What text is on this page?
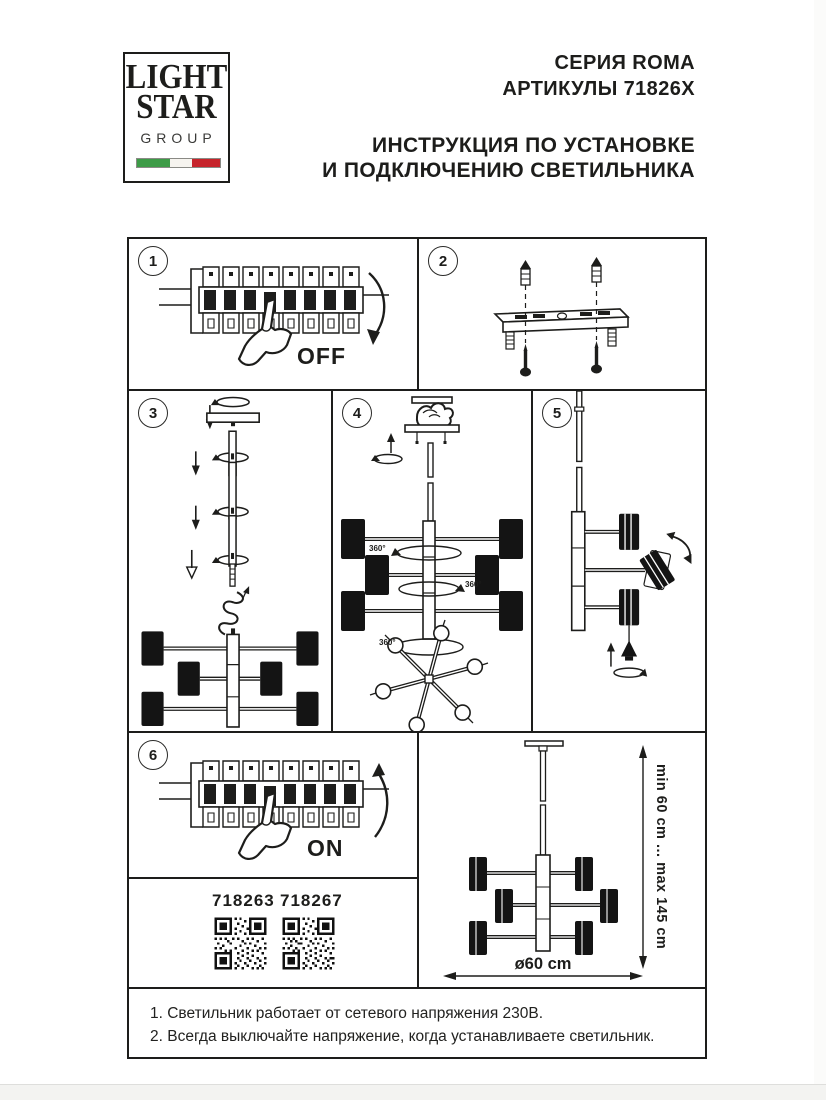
LIGHT
STAR
GROUP
СЕРИЯ ROMA
АРТИКУЛЫ 71826X
ИНСТРУКЦИЯ ПО УСТАНОВКЕ
И ПОДКЛЮЧЕНИЮ СВЕТИЛЬНИКА
1
OFF
2
3	4
360°
360°
360°
5
6
ON
718263 718267	min 60 cm ... max 145 cm
ø60 cm
1. Светильник работает от сетевого напряжения 230В.
2. Всегда выключайте напряжение, когда устанавливаете светильник.
